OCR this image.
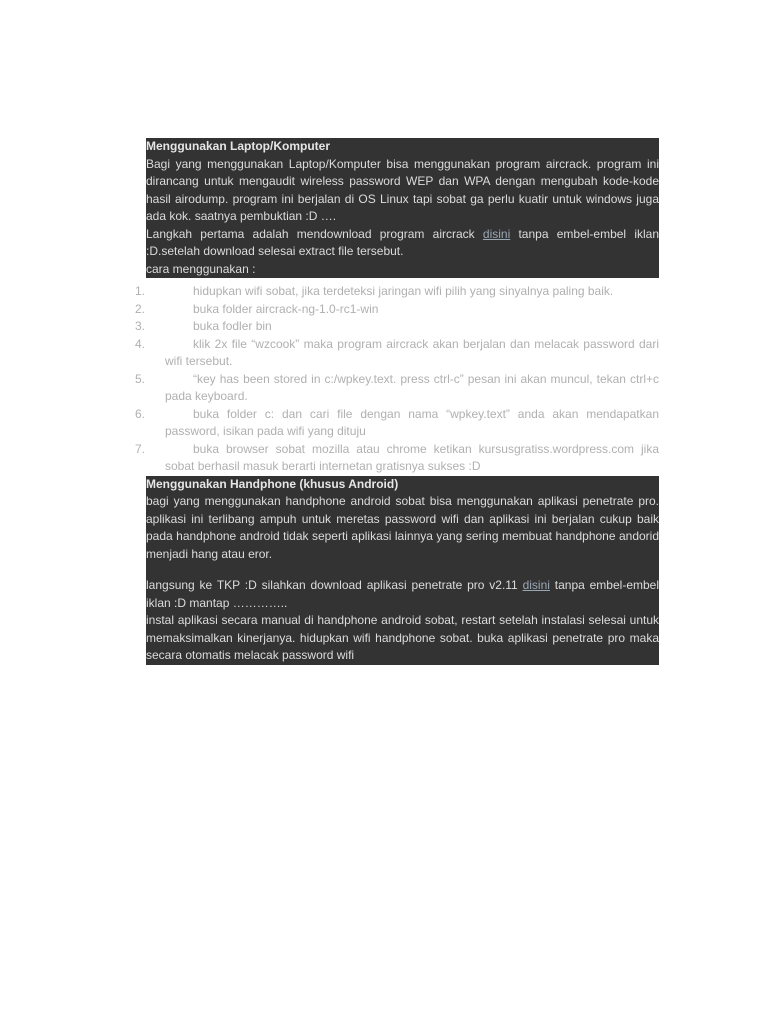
Menggunakan Laptop/Komputer

Bagi yang menggunakan Laptop/Komputer bisa menggunakan program aircrack. program ini dirancang untuk mengaudit wireless password WEP dan WPA dengan mengubah kode-kode hasil airodump. program ini berjalan di OS Linux tapi sobat ga perlu kuatir untuk windows juga ada kok. saatnya pembuktian :D ….

Langkah pertama adalah mendownload program aircrack disini tanpa embel-embel iklan :D.setelah download selesai extract file tersebut.

cara menggunakan :

1.	hidupkan wifi sobat, jika terdeteksi jaringan wifi pilih yang sinyalnya paling baik.
2.	buka folder aircrack-ng-1.0-rc1-win
3.	buka fodler bin
4.	klik 2x file “wzcook” maka program aircrack akan berjalan dan melacak password dari wifi tersebut.
5.	“key has been stored in c:/wpkey.text. press ctrl-c” pesan ini akan muncul, tekan ctrl+c pada keyboard.
6.	buka folder c: dan cari file dengan nama “wpkey.text” anda akan mendapatkan password, isikan pada wifi yang dituju
7.	buka browser sobat mozilla atau chrome ketikan kursusgratiss.wordpress.com jika sobat berhasil masuk berarti internetan gratisnya sukses :D

Menggunakan Handphone (khusus Android)

bagi yang menggunakan handphone android sobat bisa menggunakan aplikasi penetrate pro. aplikasi ini terlibang ampuh untuk meretas password wifi dan aplikasi ini berjalan cukup baik pada handphone android tidak seperti aplikasi lainnya yang sering membuat handphone andorid menjadi hang atau eror.

langsung ke TKP :D silahkan download aplikasi penetrate pro v2.11 disini tanpa embel-embel iklan :D mantap …………..

instal aplikasi secara manual di handphone android sobat, restart setelah instalasi selesai untuk memaksimalkan kinerjanya. hidupkan wifi handphone sobat. buka aplikasi penetrate pro maka secara otomatis melacak password wifi
